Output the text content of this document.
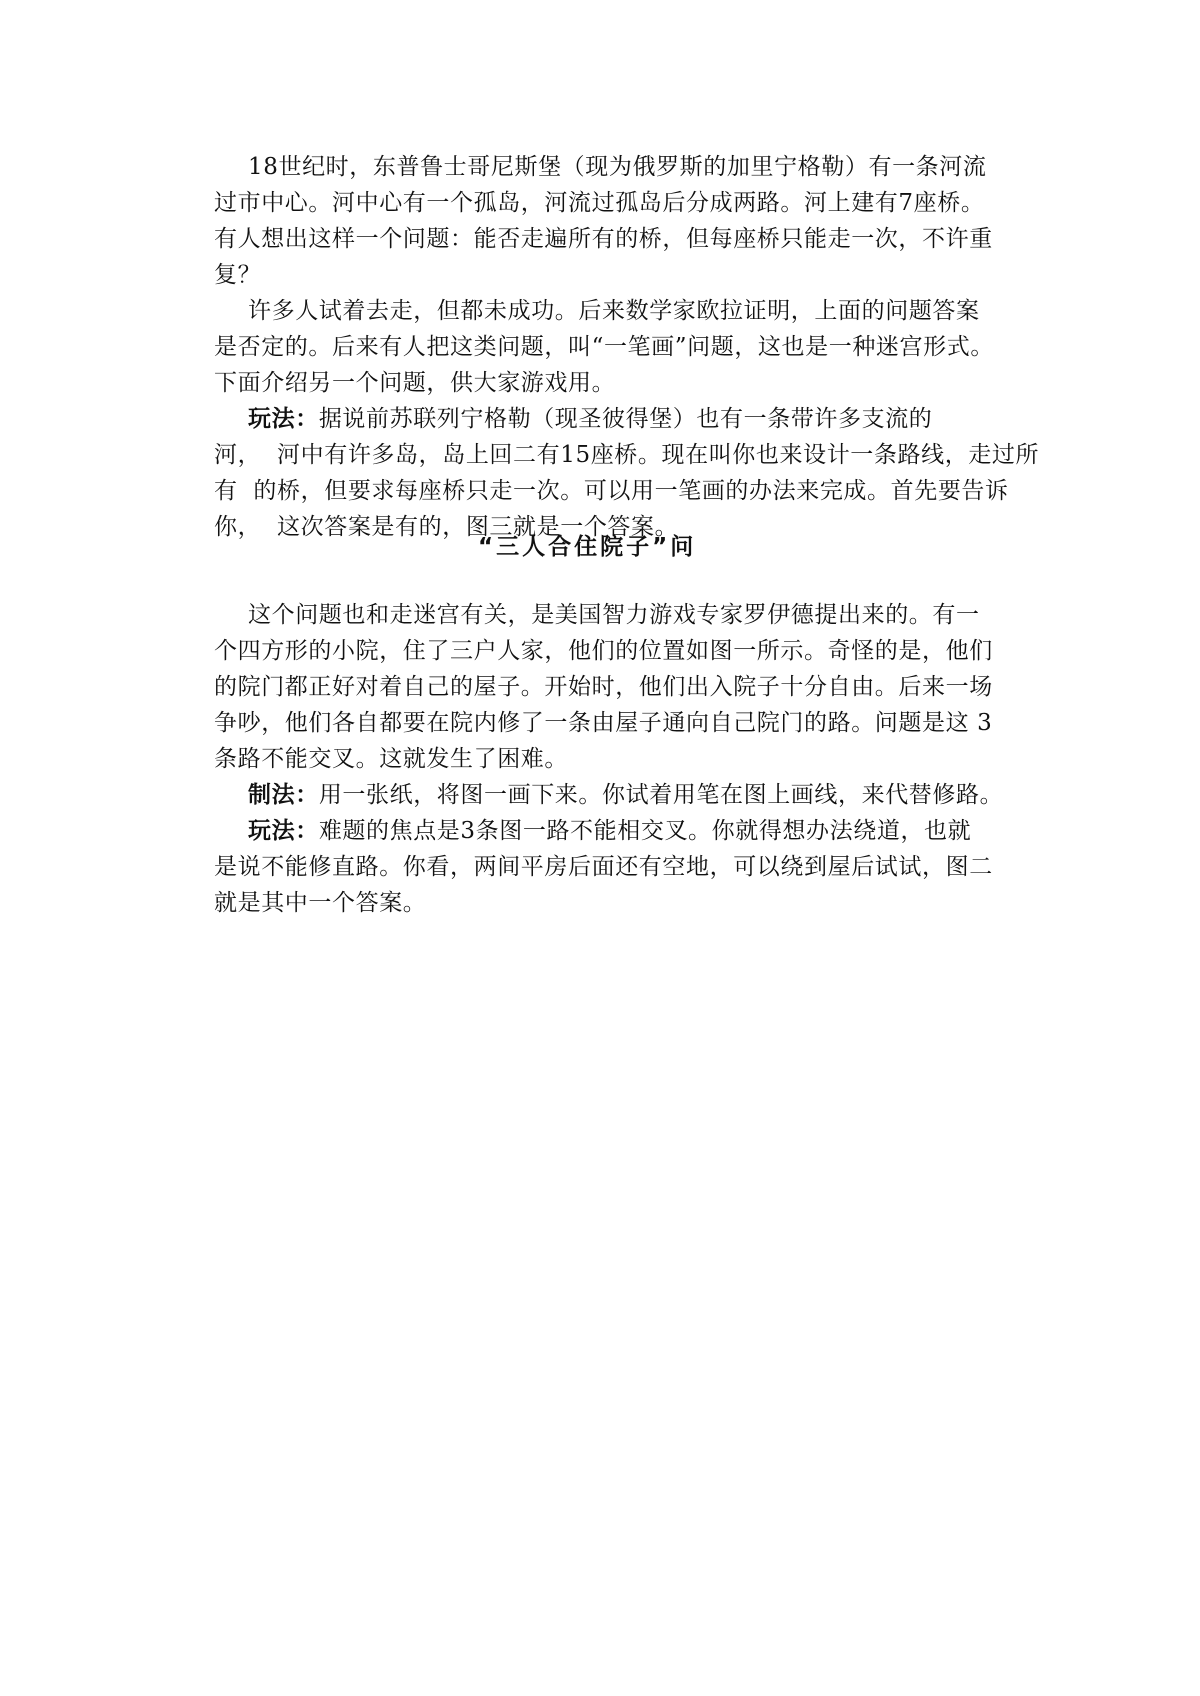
18世纪时，东普鲁士哥尼斯堡（现为俄罗斯的加里宁格勒）有一条河流
过市中心。河中心有一个孤岛，河流过孤岛后分成两路。河上建有7座桥。
有人想出这样一个问题：能否走遍所有的桥，但每座桥只能走一次，不许重
复？
许多人试着去走，但都未成功。后来数学家欧拉证明，上面的问题答案
是否定的。后来有人把这类问题，叫“一笔画”问题，这也是一种迷宫形式。
下面介绍另一个问题，供大家游戏用。
玩法：据说前苏联列宁格勒（现圣彼得堡）也有一条带许多支流的
河，  河中有许多岛，岛上回二有15座桥。现在叫你也来设计一条路线，走过所
有  的桥，但要求每座桥只走一次。可以用一笔画的办法来完成。首先要告诉
你，  这次答案是有的，图三就是一个答案。
“三人合住院子”问
这个问题也和走迷宫有关，是美国智力游戏专家罗伊德提出来的。有一
个四方形的小院，住了三户人家，他们的位置如图一所示。奇怪的是，他们
的院门都正好对着自己的屋子。开始时，他们出入院子十分自由。后来一场
争吵，他们各自都要在院内修了一条由屋子通向自己院门的路。问题是这 3
条路不能交叉。这就发生了困难。
制法：用一张纸，将图一画下来。你试着用笔在图上画线，来代替修路。
玩法：难题的焦点是3条图一路不能相交叉。你就得想办法绕道，也就
是说不能修直路。你看，两间平房后面还有空地，可以绕到屋后试试，图二
就是其中一个答案。
